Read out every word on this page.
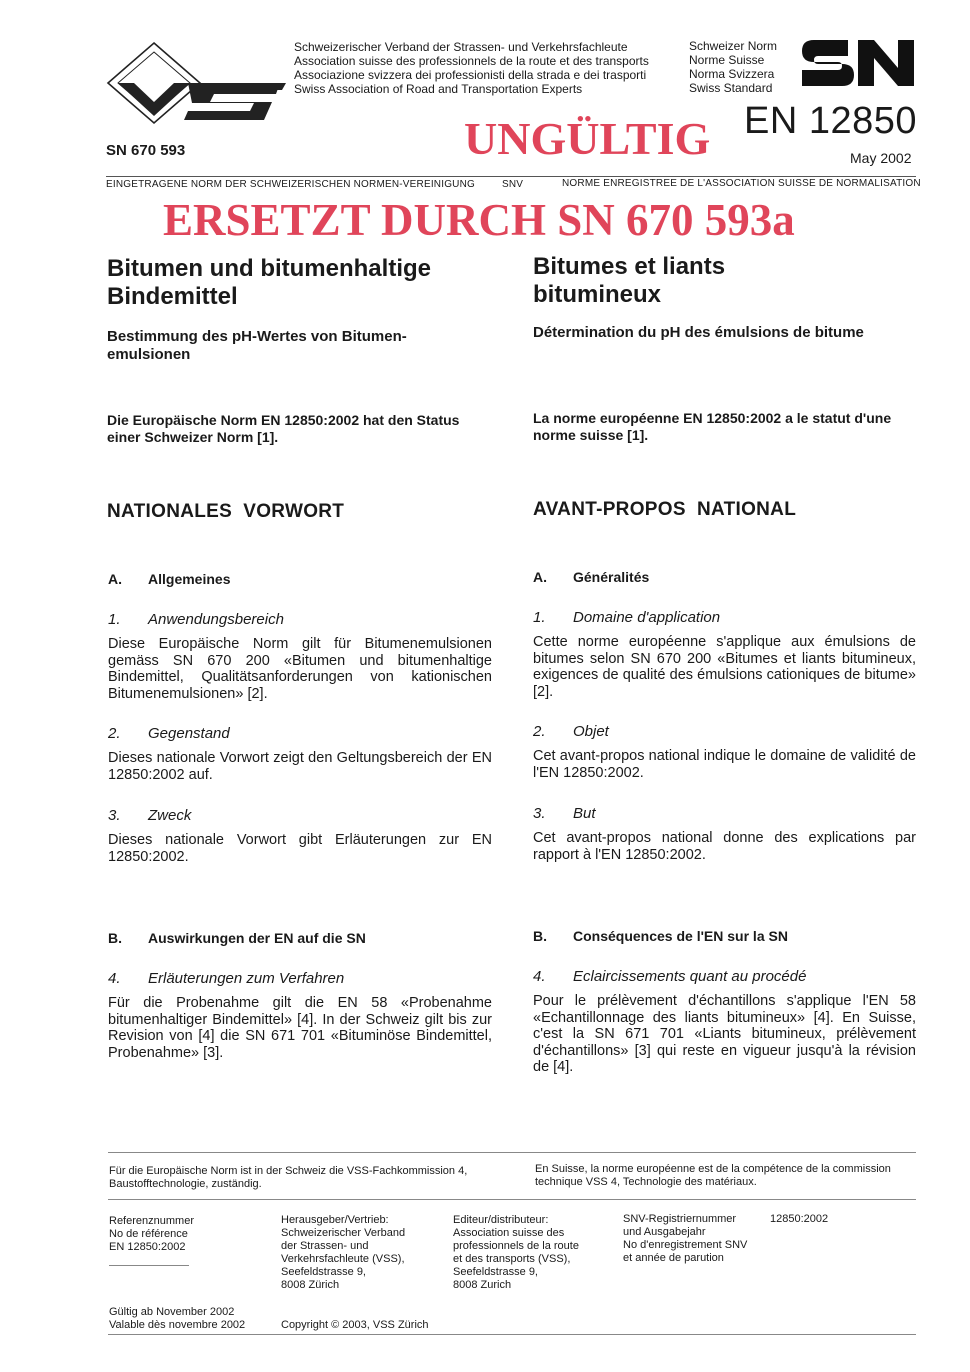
Schweizerischer Verband der Strassen- und Verkehrsfachleute
Association suisse des professionnels de la route et des transports
Associazione svizzera dei professionisti della strada e dei trasporti
Swiss Association of Road and Transportation Experts
Schweizer Norm
Norme Suisse
Norma Svizzera
Swiss Standard
SN 670 593	UNGÜLTIG EN 12850
May 2002
EINGETRAGENE NORM DER SCHWEIZERISCHEN NORMEN-VEREINIGUNG	SNV	NORME ENREGISTREE DE L'ASSOCIATION SUISSE DE NORMALISATION
ERSETZT DURCH SN 670 593a
Bitumen und bitumenhaltige Bindemittel
Bitumes et liants bitumineux
Bestimmung des pH-Wertes von Bitumen-
emulsionen
Détermination du pH des émulsions de bitume
Die Europäische Norm EN 12850:2002 hat den Status einer Schweizer Norm [1].
La norme européenne EN 12850:2002 a le statut d'une norme suisse [1].
NATIONALES  VORWORT	AVANT-PROPOS  NATIONAL
A. Allgemeines	A. Généralités
1. Anwendungsbereich
Diese Europäische Norm gilt für Bitumenemulsionen gemäss SN 670 200 «Bitumen und bitumenhaltige Bindemittel, Qualitätsanforderungen von kationischen Bitumenemulsionen» [2].
1. Domaine d'application
Cette norme européenne s'applique aux émulsions de bitumes selon SN 670 200 «Bitumes et liants bitumineux, exigences de qualité des émulsions cationiques de bitume» [2].
2. Gegenstand
Dieses nationale Vorwort zeigt den Geltungsbereich der EN 12850:2002 auf.
2. Objet
Cet avant-propos national indique le domaine de validité de l'EN 12850:2002.
3. Zweck
Dieses nationale Vorwort gibt Erläuterungen zur EN 12850:2002.
3. But
Cet avant-propos national donne des explications par rapport à l'EN 12850:2002.
B. Auswirkungen der EN auf die SN	B. Conséquences de l'EN sur la SN
4. Erläuterungen zum Verfahren
Für die Probenahme gilt die EN 58 «Probenahme bitumenhaltiger Bindemittel» [4]. In der Schweiz gilt bis zur Revision von [4] die SN 671 701 «Bituminöse Bindemittel, Probenahme» [3].
4. Eclaircissements quant au procédé
Pour le prélèvement d'échantillons s'applique l'EN 58 «Echantillonnage des liants bitumineux» [4]. En Suisse, c'est la SN 671 701 «Liants bitumineux, prélèvement d'échantillons» [3] qui reste en vigueur jusqu'à la révision de [4].
Für die Europäische Norm ist in der Schweiz die VSS-Fachkommission 4, Baustofftechnologie, zuständig.
En Suisse, la norme européenne est de la compétence de la commission technique VSS 4, Technologie des matériaux.
Referenznummer
No de référence
EN 12850:2002
Herausgeber/Vertrieb:
Schweizerischer Verband
der Strassen- und
Verkehrsfachleute (VSS),
Seefeldstrasse 9,
8008 Zürich
Editeur/distributeur:
Association suisse des
professionnels de la route
et des transports (VSS),
Seefeldstrasse 9,
8008 Zurich
SNV-Registriernummer
und Ausgabejahr
No d'enregistrement SNV
et année de parution
12850:2002
Gültig ab November 2002
Valable dès novembre 2002	Copyright © 2003, VSS Zürich
